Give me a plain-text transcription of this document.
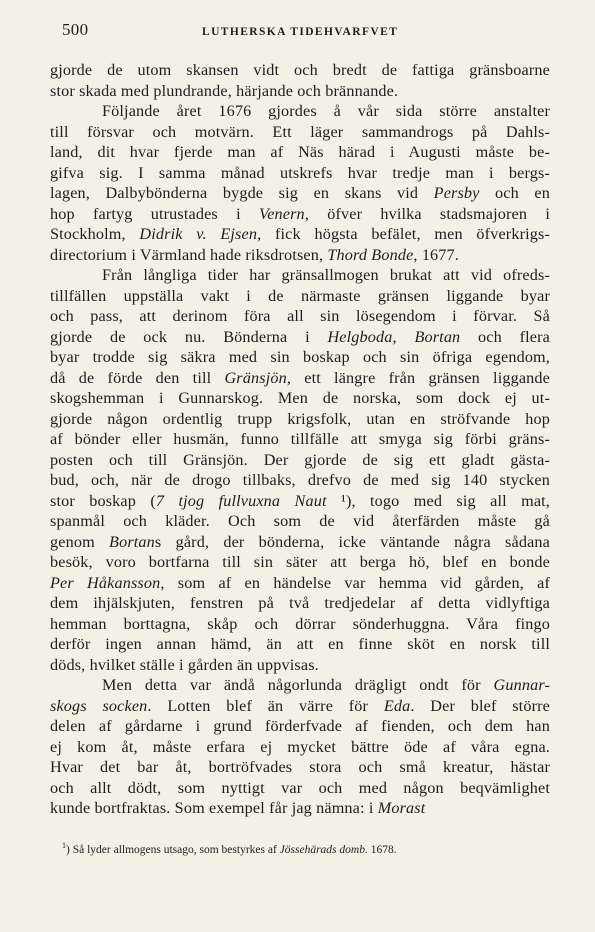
500	LUTHERSKA TIDEHVARFVET
gjorde de utom skansen vidt och bredt de fattiga gränsboarne
stor skada med plundrande, härjande och brännande.
Följande året 1676 gjordes å vår sida större anstalter
till försvar och motvärn. Ett läger sammandrogs på Dahls-
land, dit hvar fjerde man af Näs härad i Augusti måste be-
gifva sig. I samma månad utskrefs hvar tredje man i bergs-
lagen, Dalbybönderna bygde sig en skans vid Persby och en
hop fartyg utrustades i Venern, öfver hvilka stadsmajoren i
Stockholm, Didrik v. Ejsen, fick högsta befälet, men öfverkrigs-
directorium i Värmland hade riksdrotsen, Thord Bonde, 1677.
Från långliga tider har gränsallmogen brukat att vid ofreds-
tillfällen uppställa vakt i de närmaste gränsen liggande byar
och pass, att derinom föra all sin lösegendom i förvar. Så
gjorde de ock nu. Bönderna i Helgboda, Bortan och flera
byar trodde sig säkra med sin boskap och sin öfriga egendom,
då de förde den till Gränsjön, ett längre från gränsen liggande
skogshemman i Gunnarskog. Men de norska, som dock ej ut-
gjorde någon ordentlig trupp krigsfolk, utan en ströfvande hop
af bönder eller husmän, funno tillfälle att smyga sig förbi gräns-
posten och till Gränsjön. Der gjorde de sig ett gladt gästa-
bud, och, när de drogo tillbaks, drefvo de med sig 140 stycken
stor boskap (7 tjog fullvuxna Naut ¹), togo med sig all mat,
spanmål och kläder. Och som de vid återfärden måste gå
genom Bortans gård, der bönderna, icke väntande några sådana
besök, voro bortfarna till sin säter att berga hö, blef en bonde
Per Håkansson, som af en händelse var hemma vid gården, af
dem ihjälskjuten, fenstren på två tredjedelar af detta vidlyftiga
hemman borttagna, skåp och dörrar sönderhuggna. Våra fingo
derför ingen annan hämd, än att en finne sköt en norsk till
döds, hvilket ställe i gården än uppvisas.
Men detta var ändå någorlunda drägligt ondt för Gunnar-
skogs socken. Lotten blef än värre för Eda. Der blef större
delen af gårdarne i grund förderfvade af fienden, och dem han
ej kom åt, måste erfara ej mycket bättre öde af våra egna.
Hvar det bar åt, bortröfvades stora och små kreatur, hästar
och allt dödt, som nyttigt var och med någon beqvämlighet
kunde bortfraktas. Som exempel får jag nämna: i Morast
$^1$) Så lyder allmogens utsago, som bestyrkes af Jössehärads domb. 1678.
